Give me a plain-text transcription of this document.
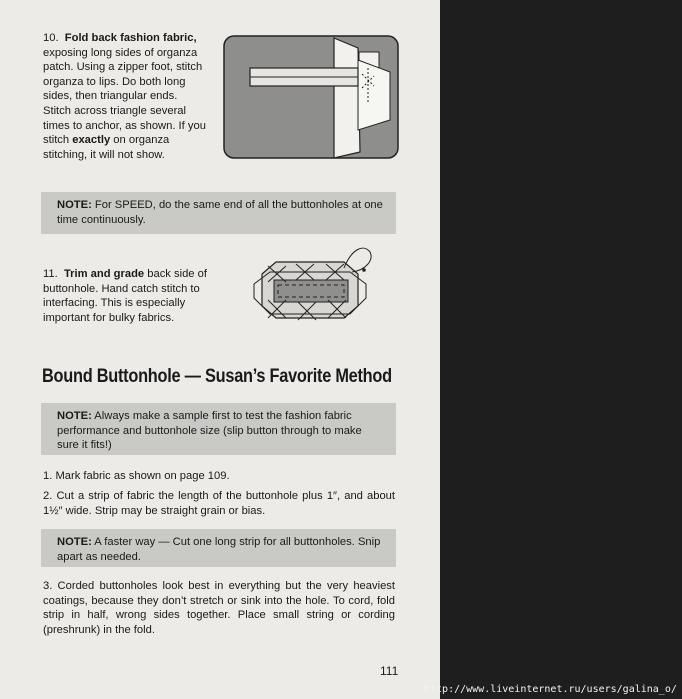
10. Fold back fashion fabric, exposing long sides of organza patch. Using a zipper foot, stitch organza to lips. Do both long sides, then triangular ends. Stitch across triangle several times to anchor, as shown. If you stitch exactly on organza stitching, it will not show.

NOTE: For SPEED, do the same end of all the buttonholes at one time continuously.

11. Trim and grade back side of buttonhole. Hand catch stitch to interfacing. This is especially important for bulky fabrics.

Bound Buttonhole — Susan’s Favorite Method
NOTE: Always make a sample first to test the fashion fabric performance and buttonhole size (slip button through to make sure it fits!)

1. Mark fabric as shown on page 109.

2. Cut a strip of fabric the length of the buttonhole plus 1″, and about 1½″ wide. Strip may be straight grain or bias.

NOTE: A faster way — Cut one long strip for all buttonholes. Snip apart as needed.

3. Corded buttonholes look best in everything but the very heaviest coatings, because they don’t stretch or sink into the hole. To cord, fold strip in half, wrong sides together. Place small string or cording (preshrunk) in the fold.

111
http://www.liveinternet.ru/users/galina_o/
